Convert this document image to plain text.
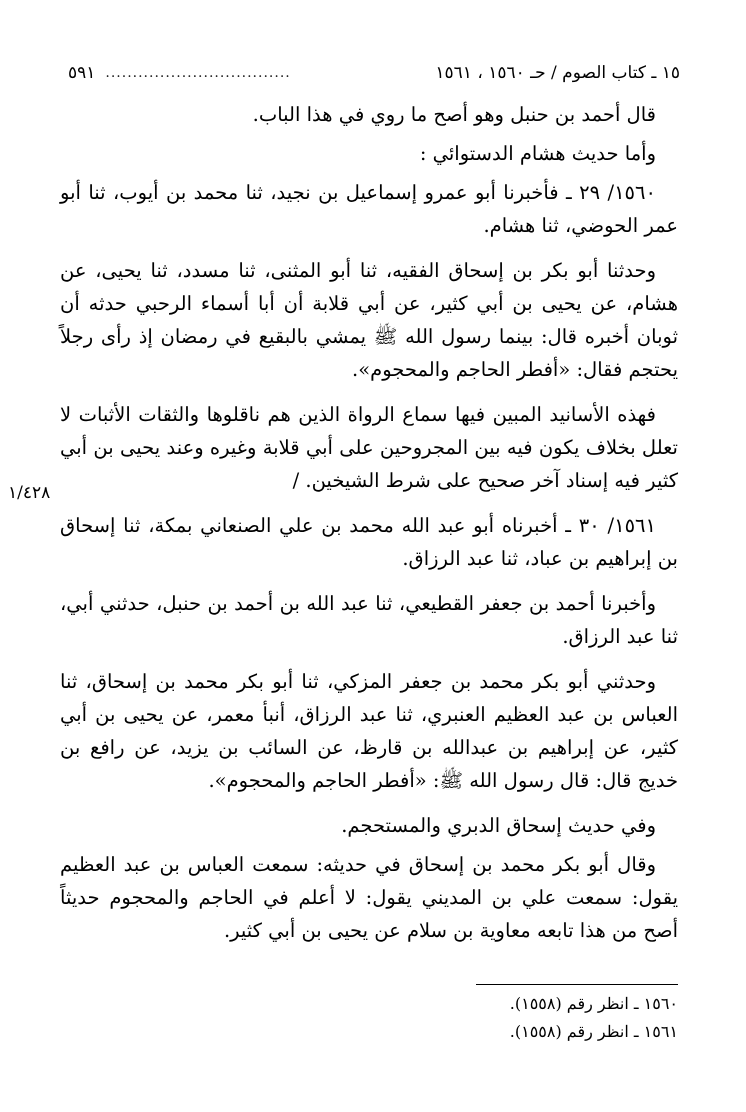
٥٩١ ..................................	١٥ ـ كتاب الصوم / حـ ١٥٦٠ ، ١٥٦١
١/٤٢٨

قال أحمد بن حنبل وهو أصح ما روي في هذا الباب.

وأما حديث هشام الدستوائي :

١٥٦٠/ ٢٩ ـ فأخبرنا أبو عمرو إسماعيل بن نجيد، ثنا محمد بن أيوب، ثنا أبو عمر الحوضي، ثنا هشام.

وحدثنا أبو بكر بن إسحاق الفقيه، ثنا أبو المثنى، ثنا مسدد، ثنا يحيى، عن هشام، عن يحيى بن أبي كثير، عن أبي قلابة أن أبا أسماء الرحبي حدثه أن ثوبان أخبره قال: بينما رسول الله ﷺ يمشي بالبقيع في رمضان إذ رأى رجلاً يحتجم فقال: «أفطر الحاجم والمحجوم».

فهذه الأسانيد المبين فيها سماع الرواة الذين هم ناقلوها والثقات الأثبات لا تعلل بخلاف يكون فيه بين المجروحين على أبي قلابة وغيره وعند يحيى بن أبي كثير فيه إسناد آخر صحيح على شرط الشيخين. /

١٥٦١/ ٣٠ ـ أخبرناه أبو عبد الله محمد بن علي الصنعاني بمكة، ثنا إسحاق بن إبراهيم بن عباد، ثنا عبد الرزاق.

وأخبرنا أحمد بن جعفر القطيعي، ثنا عبد الله بن أحمد بن حنبل، حدثني أبي، ثنا عبد الرزاق.

وحدثني أبو بكر محمد بن جعفر المزكي، ثنا أبو بكر محمد بن إسحاق، ثنا العباس بن عبد العظيم العنبري، ثنا عبد الرزاق، أنبأ معمر، عن يحيى بن أبي كثير، عن إبراهيم بن عبدالله بن قارظ، عن السائب بن يزيد، عن رافع بن خديج قال: قال رسول الله ﷺ: «أفطر الحاجم والمحجوم».

وفي حديث إسحاق الدبري والمستحجم.

وقال أبو بكر محمد بن إسحاق في حديثه: سمعت العباس بن عبد العظيم يقول: سمعت علي بن المديني يقول: لا أعلم في الحاجم والمحجوم حديثاً أصح من هذا تابعه معاوية بن سلام عن يحيى بن أبي كثير.

١٥٦٠ ـ انظر رقم (١٥٥٨).

١٥٦١ ـ انظر رقم (١٥٥٨).
